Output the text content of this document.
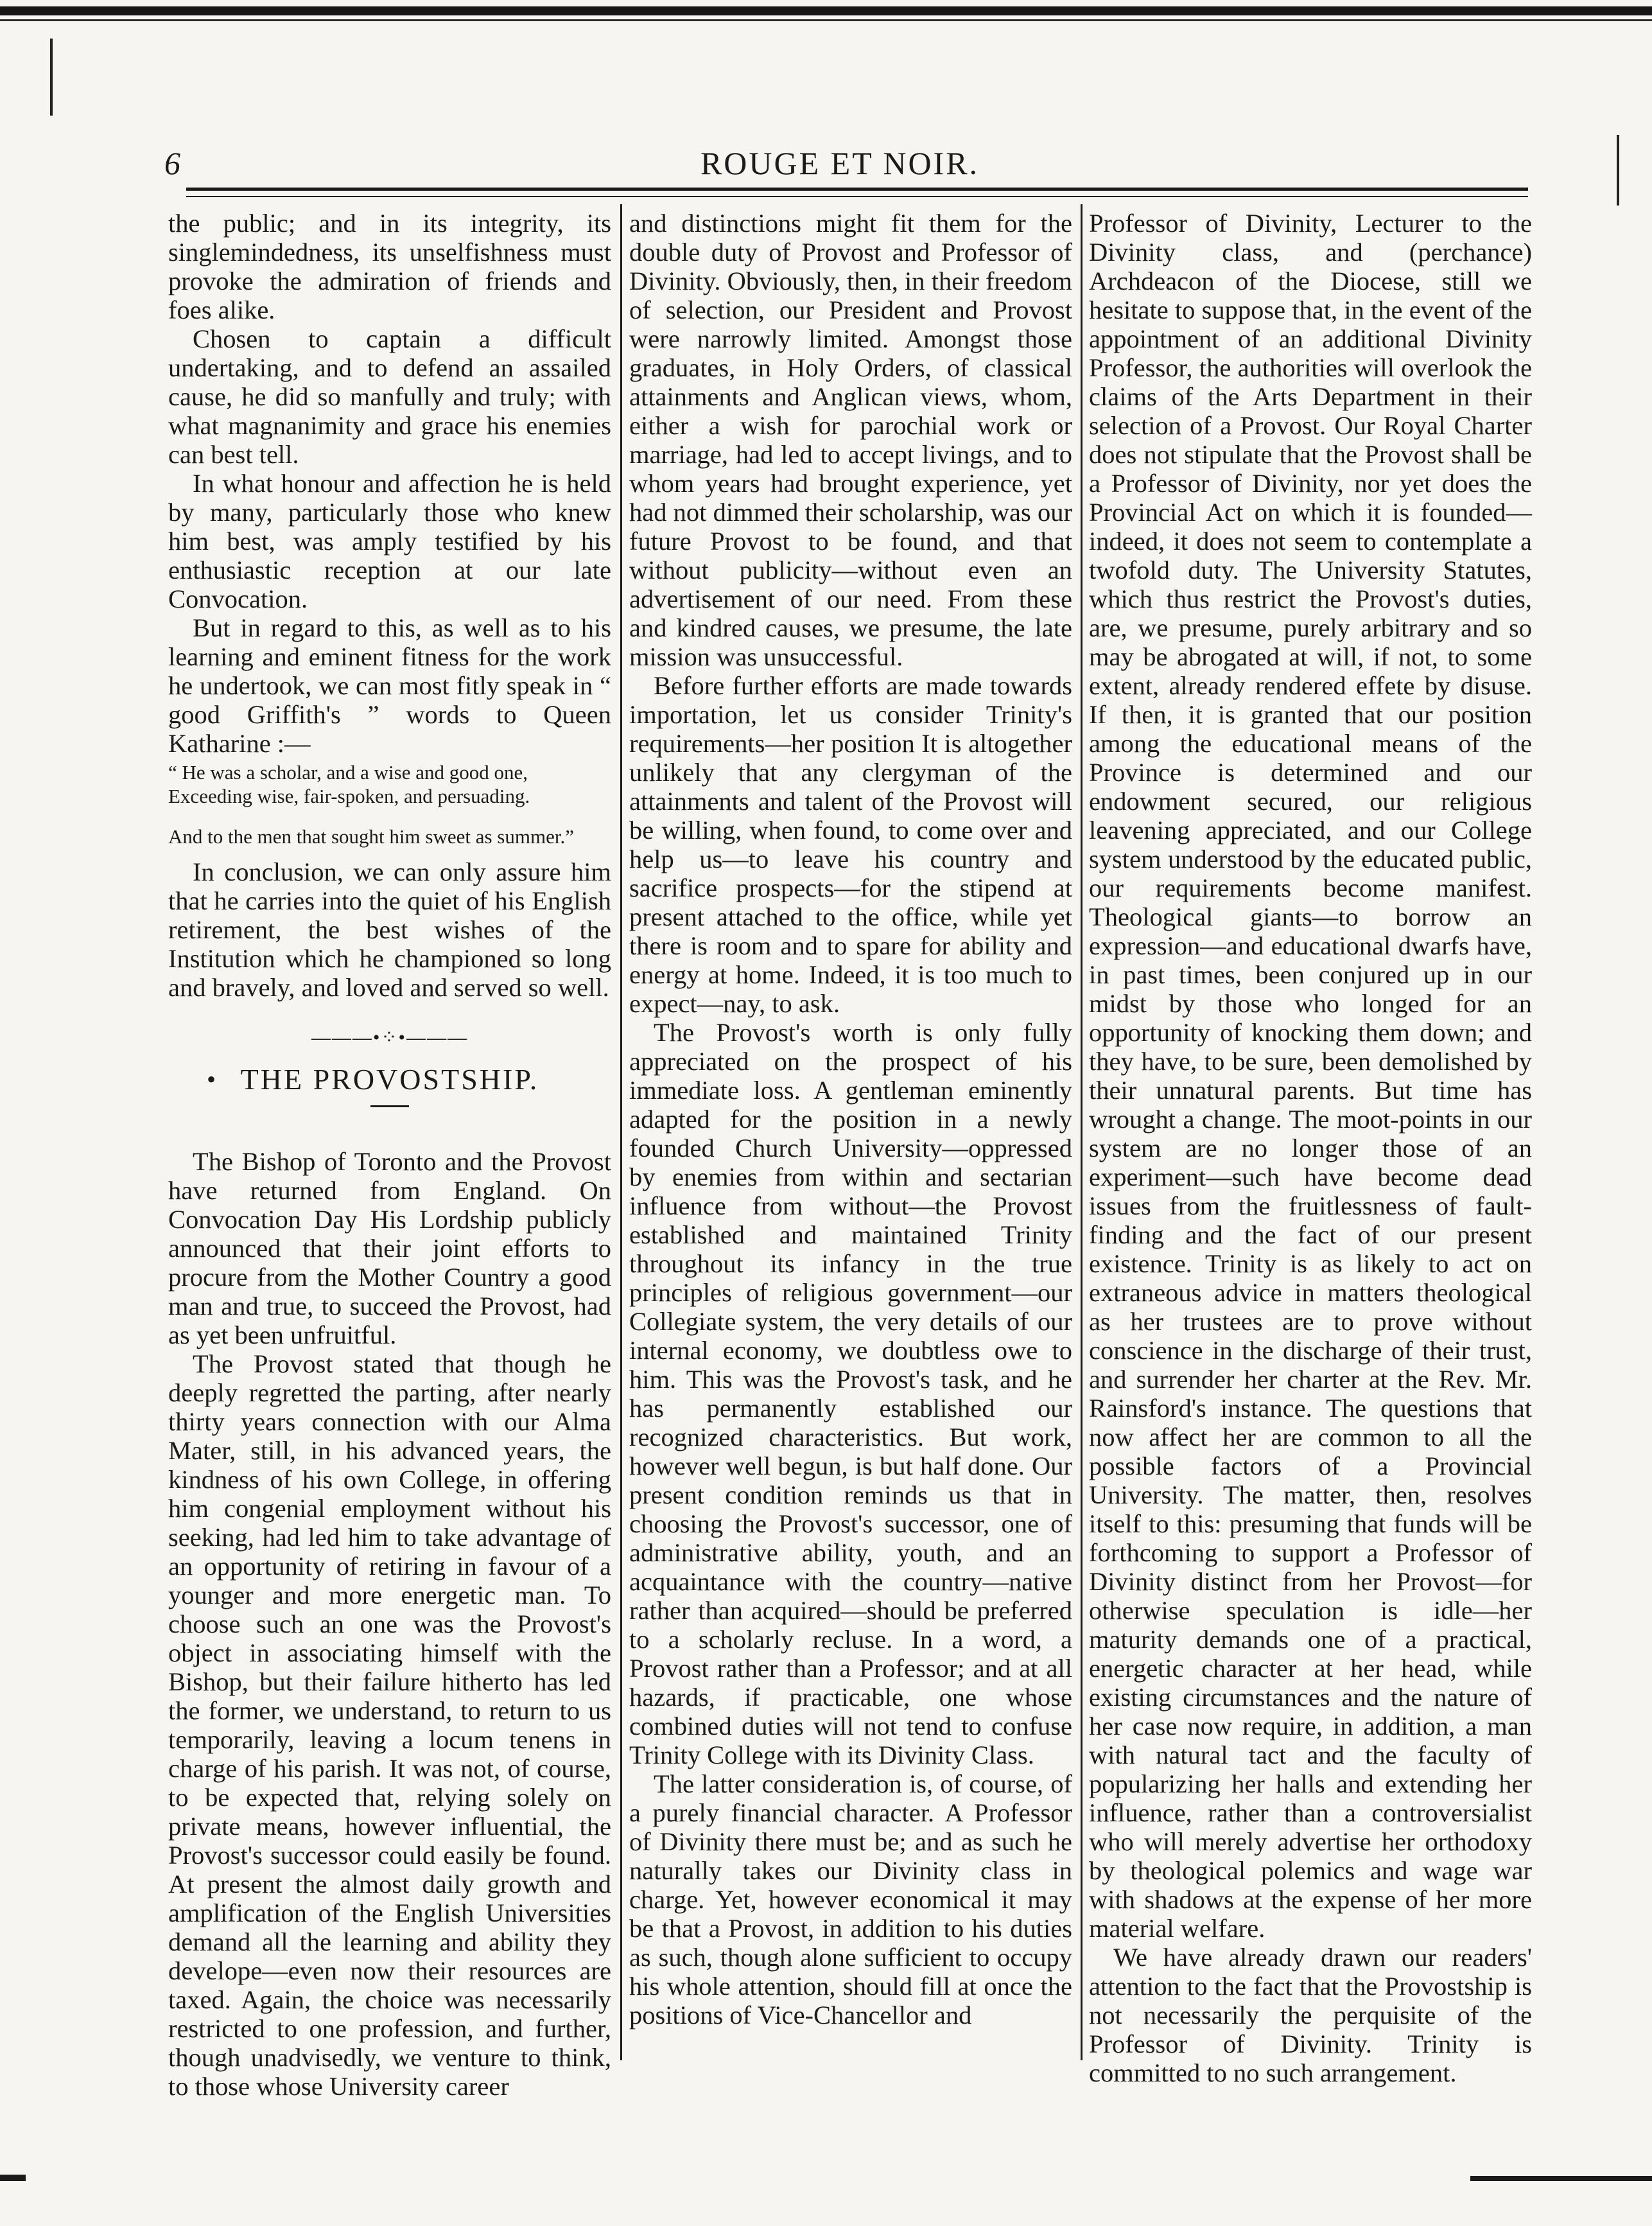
6	ROUGE ET NOIR.

the public; and in its integrity, its singlemindedness, its unselfishness must provoke the admiration of friends and foes alike.

Chosen to captain a difficult undertaking, and to defend an assailed cause, he did so manfully and truly; with what magnanimity and grace his enemies can best tell.

In what honour and affection he is held by many, particularly those who knew him best, was amply testified by his enthusiastic reception at our late Convocation.

But in regard to this, as well as to his learning and eminent fitness for the work he undertook, we can most fitly speak in “ good Griffith's ” words to Queen Katharine :—

“ He was a scholar, and a wise and good one, Exceeding wise, fair-spoken, and persuading.
And to the men that sought him sweet as summer.”

In conclusion, we can only assure him that he carries into the quiet of his English retirement, the best wishes of the Institution which he championed so long and bravely, and loved and served so well.

———•⁘•———
• THE PROVOSTSHIP.

The Bishop of Toronto and the Provost have returned from England. On Convocation Day His Lordship publicly announced that their joint efforts to procure from the Mother Country a good man and true, to succeed the Provost, had as yet been unfruitful.

The Provost stated that though he deeply regretted the parting, after nearly thirty years connection with our Alma Mater, still, in his advanced years, the kindness of his own College, in offering him congenial employment without his seeking, had led him to take advantage of an opportunity of retiring in favour of a younger and more energetic man. To choose such an one was the Provost's object in associating himself with the Bishop, but their failure hitherto has led the former, we understand, to return to us temporarily, leaving a locum tenens in charge of his parish. It was not, of course, to be expected that, relying solely on private means, however influential, the Provost's successor could easily be found. At present the almost daily growth and amplification of the English Universities demand all the learning and ability they develope—even now their resources are taxed. Again, the choice was necessarily restricted to one profession, and further, though unadvisedly, we venture to think, to those whose University career

and distinctions might fit them for the double duty of Provost and Professor of Divinity. Obviously, then, in their freedom of selection, our President and Provost were narrowly limited. Amongst those graduates, in Holy Orders, of classical attainments and Anglican views, whom, either a wish for parochial work or marriage, had led to accept livings, and to whom years had brought experience, yet had not dimmed their scholarship, was our future Provost to be found, and that without publicity—without even an advertisement of our need. From these and kindred causes, we presume, the late mission was unsuccessful.

Before further efforts are made towards importation, let us consider Trinity's requirements—her position It is altogether unlikely that any clergyman of the attainments and talent of the Provost will be willing, when found, to come over and help us—to leave his country and sacrifice prospects—for the stipend at present attached to the office, while yet there is room and to spare for ability and energy at home. Indeed, it is too much to expect—nay, to ask.

The Provost's worth is only fully appreciated on the prospect of his immediate loss. A gentleman eminently adapted for the position in a newly founded Church University—oppressed by enemies from within and sectarian influence from without—the Provost established and maintained Trinity throughout its infancy in the true principles of religious government—our Collegiate system, the very details of our internal economy, we doubtless owe to him. This was the Provost's task, and he has permanently established our recognized characteristics. But work, however well begun, is but half done. Our present condition reminds us that in choosing the Provost's successor, one of administrative ability, youth, and an acquaintance with the country—native rather than acquired—should be preferred to a scholarly recluse. In a word, a Provost rather than a Professor; and at all hazards, if practicable, one whose combined duties will not tend to confuse Trinity College with its Divinity Class.

The latter consideration is, of course, of a purely financial character. A Professor of Divinity there must be; and as such he naturally takes our Divinity class in charge. Yet, however economical it may be that a Provost, in addition to his duties as such, though alone sufficient to occupy his whole attention, should fill at once the positions of Vice-Chancellor and

Professor of Divinity, Lecturer to the Divinity class, and (perchance) Archdeacon of the Diocese, still we hesitate to suppose that, in the event of the appointment of an additional Divinity Professor, the authorities will overlook the claims of the Arts Department in their selection of a Provost. Our Royal Charter does not stipulate that the Provost shall be a Professor of Divinity, nor yet does the Provincial Act on which it is founded—indeed, it does not seem to contemplate a twofold duty. The University Statutes, which thus restrict the Provost's duties, are, we presume, purely arbitrary and so may be abrogated at will, if not, to some extent, already rendered effete by disuse. If then, it is granted that our position among the educational means of the Province is determined and our endowment secured, our religious leavening appreciated, and our College system understood by the educated public, our requirements become manifest. Theological giants—to borrow an expression—and educational dwarfs have, in past times, been conjured up in our midst by those who longed for an opportunity of knocking them down; and they have, to be sure, been demolished by their unnatural parents. But time has wrought a change. The moot-points in our system are no longer those of an experiment—such have become dead issues from the fruitlessness of fault-finding and the fact of our present existence. Trinity is as likely to act on extraneous advice in matters theological as her trustees are to prove without conscience in the discharge of their trust, and surrender her charter at the Rev. Mr. Rainsford's instance. The questions that now affect her are common to all the possible factors of a Provincial University. The matter, then, resolves itself to this: presuming that funds will be forthcoming to support a Professor of Divinity distinct from her Provost—for otherwise speculation is idle—her maturity demands one of a practical, energetic character at her head, while existing circumstances and the nature of her case now require, in addition, a man with natural tact and the faculty of popularizing her halls and extending her influence, rather than a controversialist who will merely advertise her orthodoxy by theological polemics and wage war with shadows at the expense of her more material welfare.

We have already drawn our readers' attention to the fact that the Provostship is not necessarily the perquisite of the Professor of Divinity. Trinity is committed to no such arrangement.
